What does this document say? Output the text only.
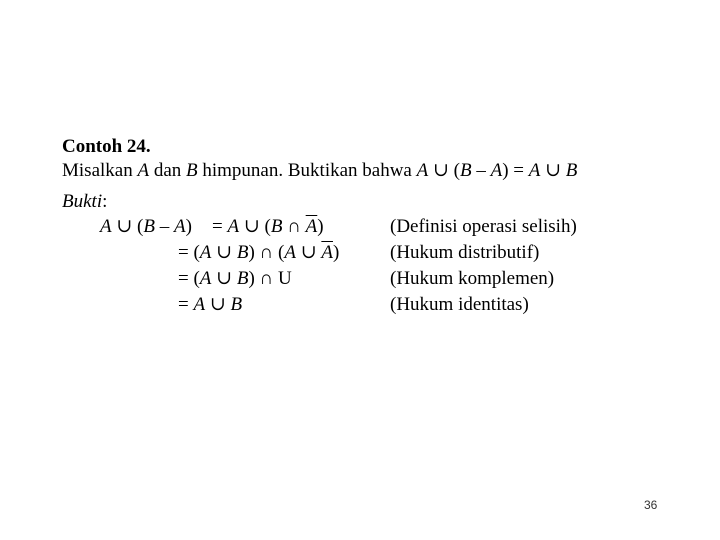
Contoh 24.
Misalkan A dan B himpunan. Buktikan bahwa A ∪ (B – A) = A ∪ B
Bukti:
A ∪ (B – A) = A ∪ (B ∩ $\overline{A}$)	(Definisi operasi selisih)
= (A ∪ B) ∩ (A ∪ $\overline{A}$)	(Hukum distributif)
= (A ∪ B) ∩ U	(Hukum komplemen)
= A ∪ B	(Hukum identitas)
36
